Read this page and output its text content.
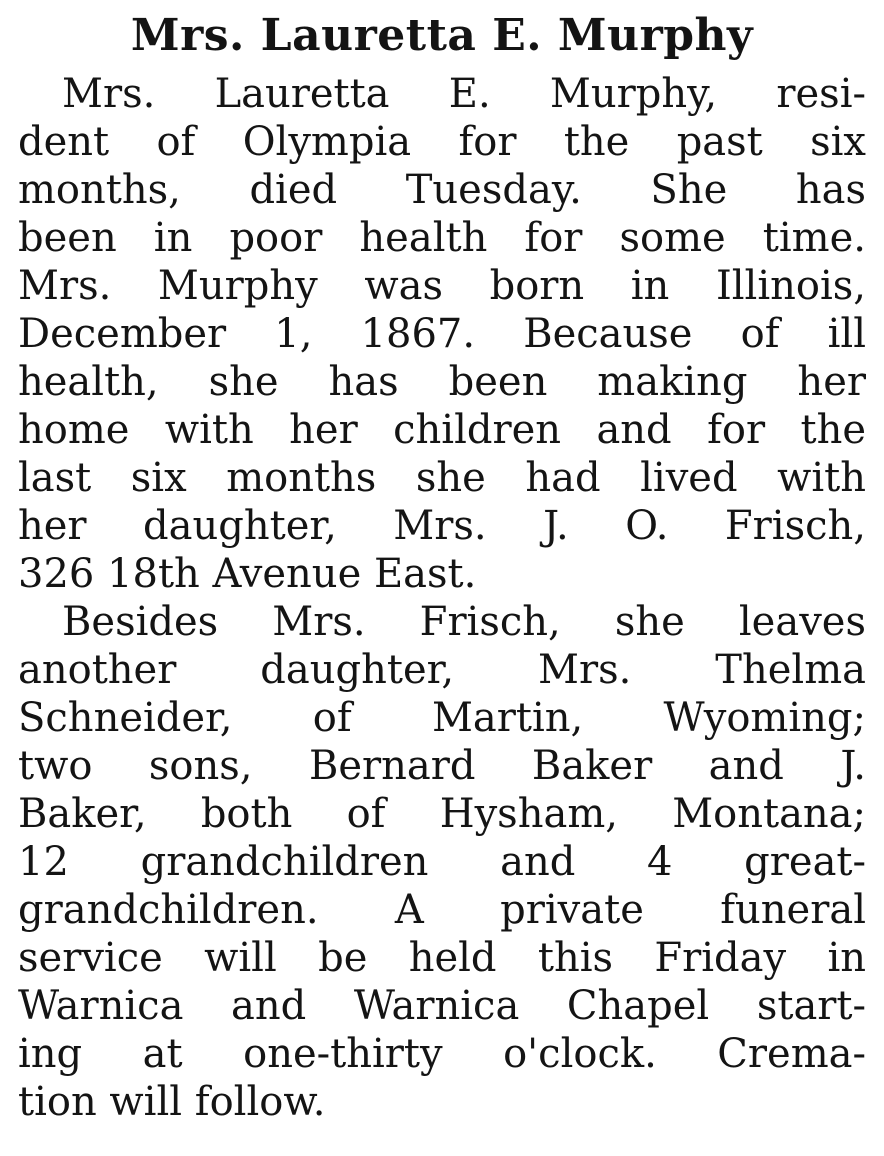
Mrs. Lauretta E. Murphy
Mrs. Lauretta E. Murphy, resi-
dent of Olympia for the past six
months, died Tuesday. She has
been in poor health for some time.
Mrs. Murphy was born in Illinois,
December 1, 1867. Because of ill
health, she has been making her
home with her children and for the
last six months she had lived with
her daughter, Mrs. J. O. Frisch,
326 18th Avenue East.
Besides Mrs. Frisch, she leaves
another daughter, Mrs. Thelma
Schneider, of Martin, Wyoming;
two sons, Bernard Baker and J.
Baker, both of Hysham, Montana;
12 grandchildren and 4 great-
grandchildren. A private funeral
service will be held this Friday in
Warnica and Warnica Chapel start-
ing at one-thirty o'clock. Crema-
tion will follow.
